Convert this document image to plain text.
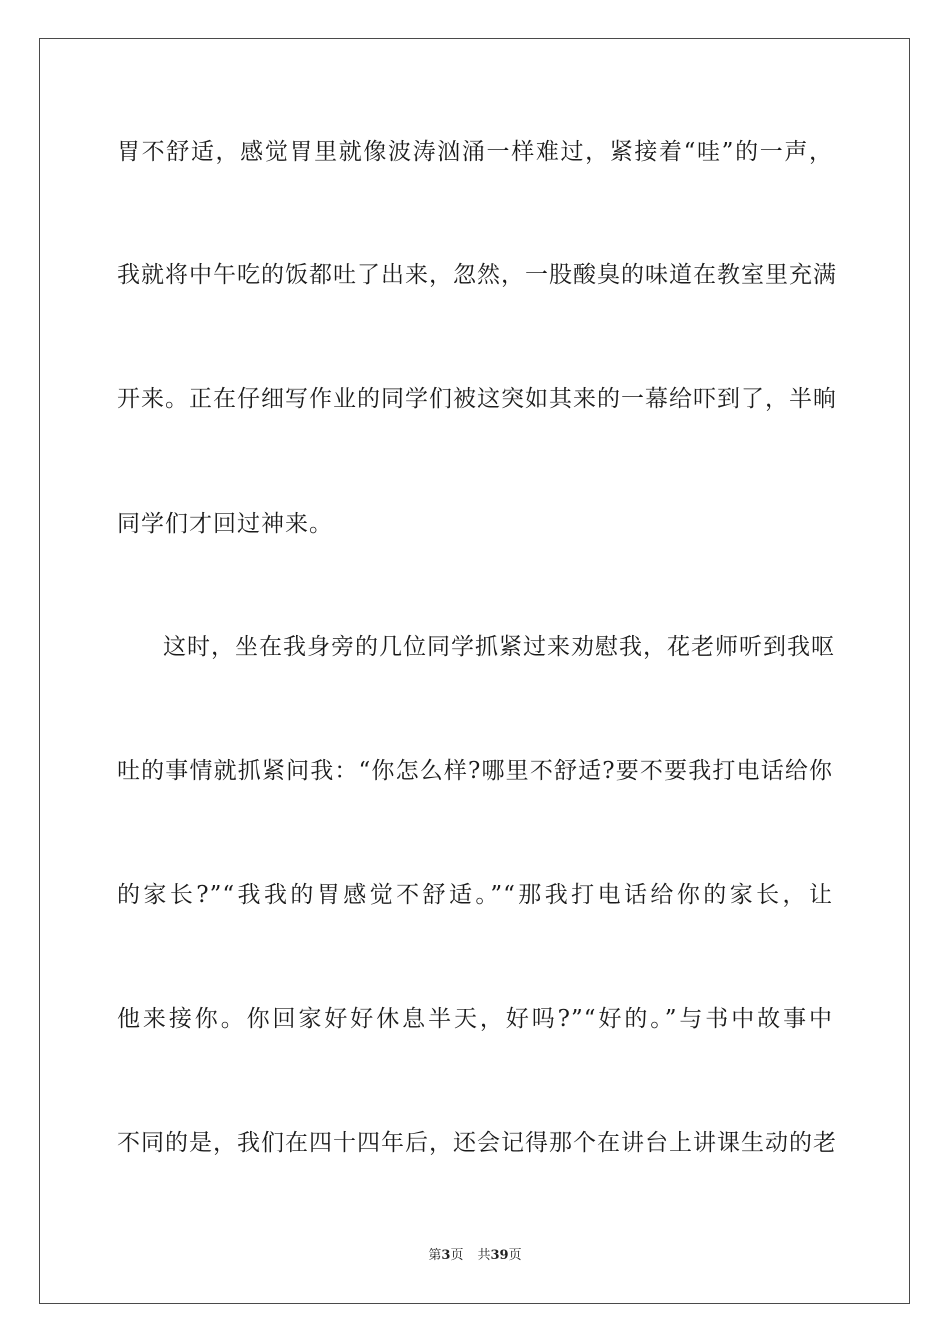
胃不舒适，感觉胃里就像波涛汹涌一样难过，紧接着“哇”的一声，
我就将中午吃的饭都吐了出来，忽然，一股酸臭的味道在教室里充满
开来。正在仔细写作业的同学们被这突如其来的一幕给吓到了，半晌
同学们才回过神来。
这时，坐在我身旁的几位同学抓紧过来劝慰我，花老师听到我呕
吐的事情就抓紧问我：“你怎么样?哪里不舒适?要不要我打电话给你
的家长?”“我我的胃感觉不舒适。”“那我打电话给你的家长，让
他来接你。你回家好好休息半天，好吗?”“好的。”与书中故事中
不同的是，我们在四十四年后，还会记得那个在讲台上讲课生动的老
第3页 共39页
